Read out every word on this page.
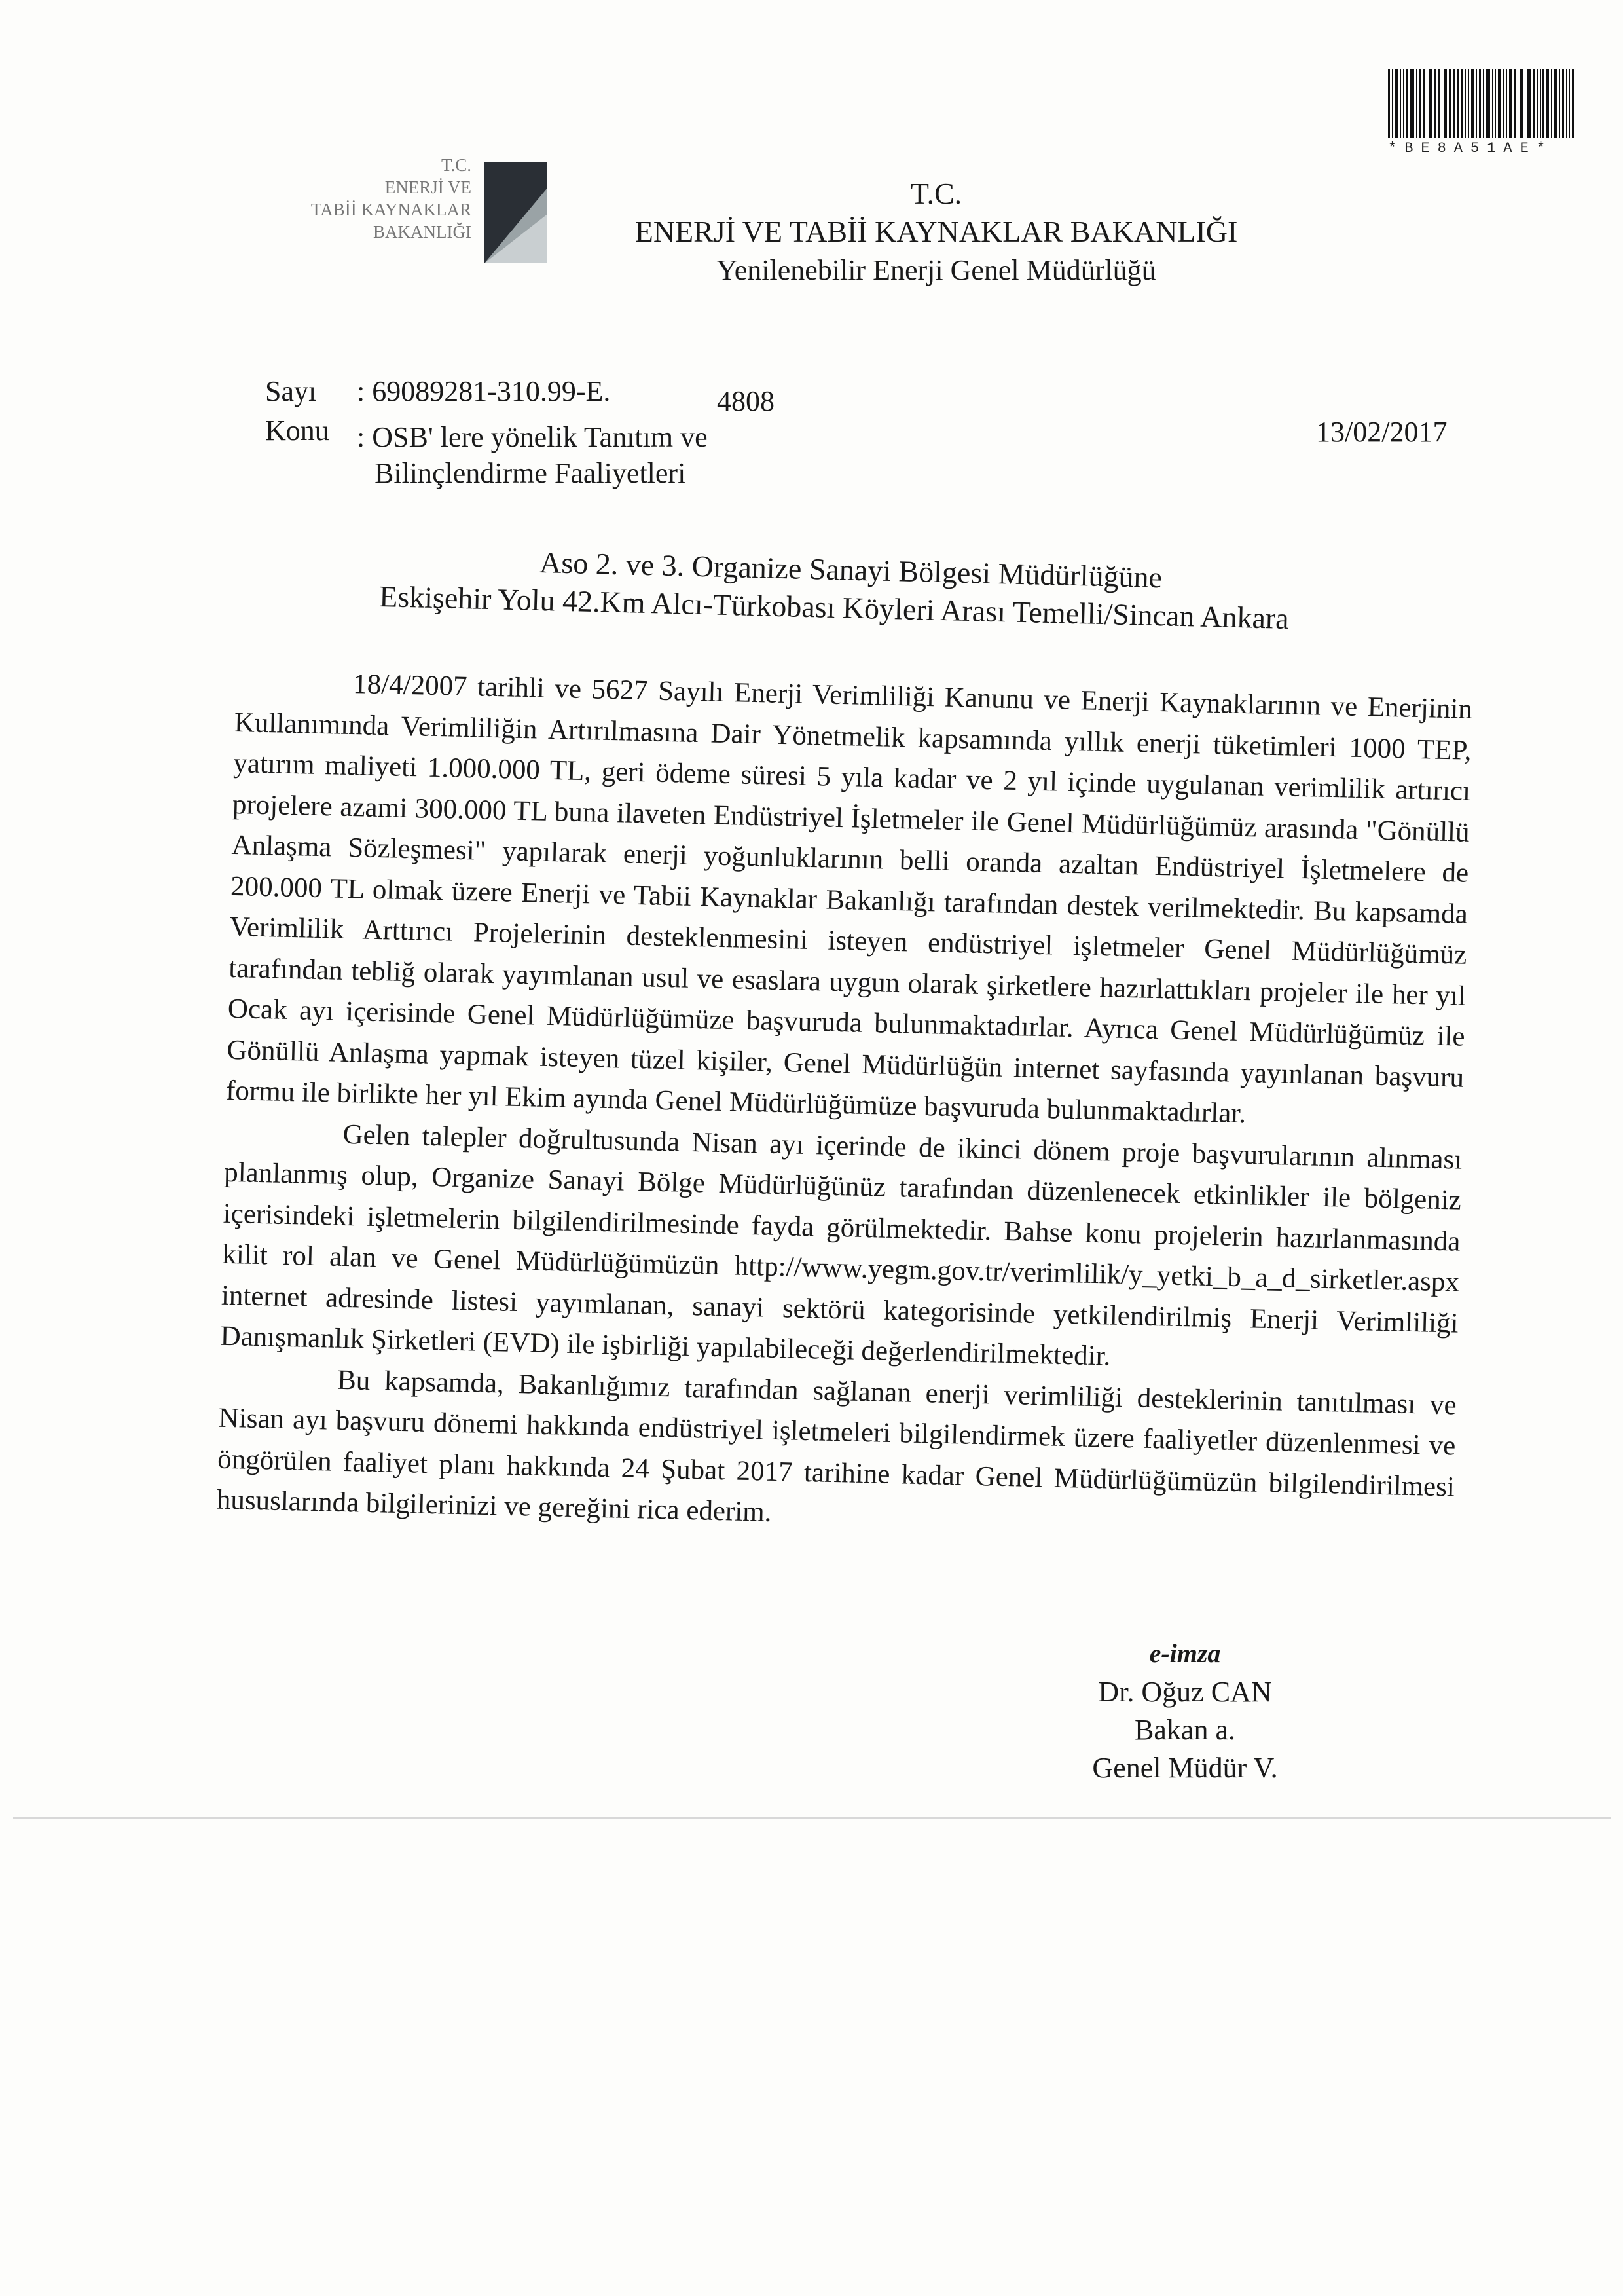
*BE8A51AE*
T.C.
ENERJİ VE
TABİİ KAYNAKLAR
BAKANLIĞI
T.C.
ENERJİ VE TABİİ KAYNAKLAR BAKANLIĞI
Yenilenebilir Enerji Genel Müdürlüğü
Sayı : 69089281-310.99-E.	4808
Konu : OSB' lere yönelik Tanıtım ve
Bilinçlendirme Faaliyetleri
13/02/2017
Aso 2. ve 3. Organize Sanayi Bölgesi Müdürlüğüne
Eskişehir Yolu 42.Km Alcı-Türkobası Köyleri Arası Temelli/Sincan Ankara

18/4/2007 tarihli ve 5627 Sayılı Enerji Verimliliği Kanunu ve Enerji Kaynaklarının ve Enerjinin Kullanımında Verimliliğin Artırılmasına Dair Yönetmelik kapsamında yıllık enerji tüketimleri 1000 TEP, yatırım maliyeti 1.000.000 TL, geri ödeme süresi 5 yıla kadar ve 2 yıl içinde uygulanan verimlilik artırıcı projelere azami 300.000 TL buna ilaveten Endüstriyel İşletmeler ile Genel Müdürlüğümüz arasında "Gönüllü Anlaşma Sözleşmesi" yapılarak enerji yoğunluklarının belli oranda azaltan Endüstriyel İşletmelere de 200.000 TL olmak üzere Enerji ve Tabii Kaynaklar Bakanlığı tarafından destek verilmektedir. Bu kapsamda Verimlilik Arttırıcı Projelerinin desteklenmesini isteyen endüstriyel işletmeler Genel Müdürlüğümüz tarafından tebliğ olarak yayımlanan usul ve esaslara uygun olarak şirketlere hazırlattıkları projeler ile her yıl Ocak ayı içerisinde Genel Müdürlüğümüze başvuruda bulunmaktadırlar. Ayrıca Genel Müdürlüğümüz ile Gönüllü Anlaşma yapmak isteyen tüzel kişiler, Genel Müdürlüğün internet sayfasında yayınlanan başvuru formu ile birlikte her yıl Ekim ayında Genel Müdürlüğümüze başvuruda bulunmaktadırlar.

Gelen talepler doğrultusunda Nisan ayı içerinde de ikinci dönem proje başvurularının alınması planlanmış olup, Organize Sanayi Bölge Müdürlüğünüz tarafından düzenlenecek etkinlikler ile bölgeniz içerisindeki işletmelerin bilgilendirilmesinde fayda görülmektedir. Bahse konu projelerin hazırlanmasında kilit rol alan ve Genel Müdürlüğümüzün http://www.yegm.gov.tr/verimlilik/y_yetki_b_a_d_sirketler.aspx internet adresinde listesi yayımlanan, sanayi sektörü kategorisinde yetkilendirilmiş Enerji Verimliliği Danışmanlık Şirketleri (EVD) ile işbirliği yapılabileceği değerlendirilmektedir.

Bu kapsamda, Bakanlığımız tarafından sağlanan enerji verimliliği desteklerinin tanıtılması ve Nisan ayı başvuru dönemi hakkında endüstriyel işletmeleri bilgilendirmek üzere faaliyetler düzenlenmesi ve öngörülen faaliyet planı hakkında 24 Şubat 2017 tarihine kadar Genel Müdürlüğümüzün bilgilendirilmesi hususlarında bilgilerinizi ve gereğini rica ederim.

e-imza
Dr. Oğuz CAN
Bakan a.
Genel Müdür V.
